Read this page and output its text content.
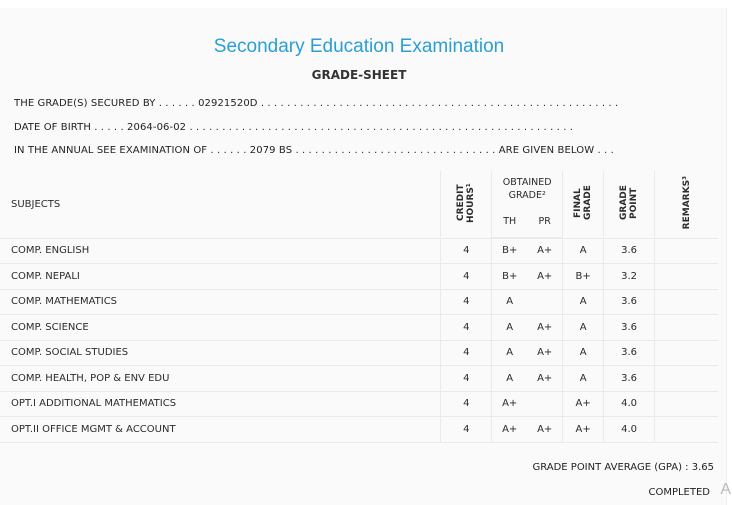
Secondary Education Examination
GRADE-SHEET
THE GRADE(S) SECURED BY . . . . . . 02921520D . . . . . . . . . . . . . . . . . . . . . . . . . . . . . . . . . . . . . . . . . . . . . . . . . . . . . . .
DATE OF BIRTH . . . . . 2064-06-02 . . . . . . . . . . . . . . . . . . . . . . . . . . . . . . . . . . . . . . . . . . . . . . . . . . . . . . . . . . .
IN THE ANNUAL SEE EXAMINATION OF . . . . . . 2079 BS . . . . . . . . . . . . . . . . . . . . . . . . . . . . . . . ARE GIVEN BELOW . . .
SUBJECTS	CREDIT HOURS¹	OBTAINED GRADE²		FINAL GRADE	GRADE POINT	REMARKS³
		TH	PR			

COMP. ENGLISH	4	B+	A+	A	3.6	
COMP. NEPALI	4	B+	A+	B+	3.2	
COMP. MATHEMATICS	4	A		A	3.6	
COMP. SCIENCE	4	A	A+	A	3.6	
COMP. SOCIAL STUDIES	4	A	A+	A	3.6	
COMP. HEALTH, POP & ENV EDU	4	A	A+	A	3.6	
OPT.I ADDITIONAL MATHEMATICS	4	A+		A+	4.0	
OPT.II OFFICE MGMT & ACCOUNT	4	A+	A+	A+	4.0	
GRADE POINT AVERAGE (GPA) : 3.65
COMPLETED A
